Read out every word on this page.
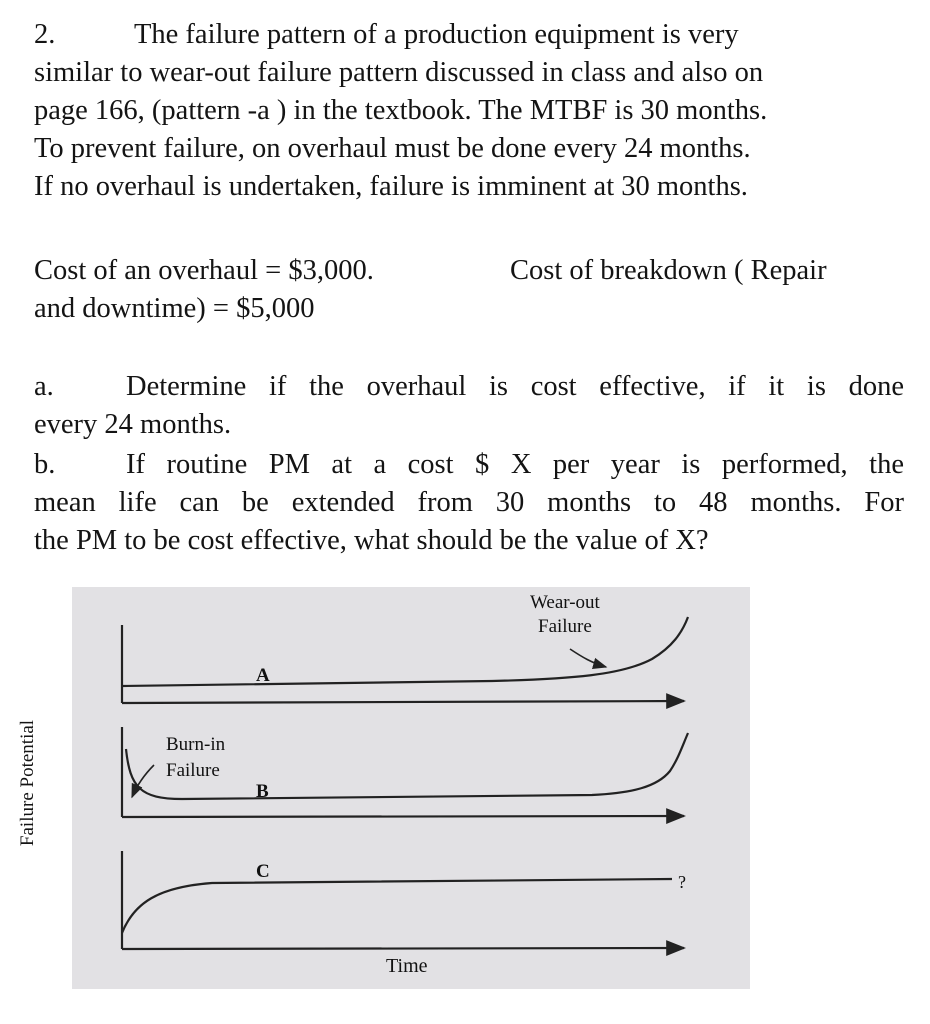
2.	The failure pattern of a production equipment is very
similar to wear-out failure pattern discussed in class and also on
page 166, (pattern -a ) in the textbook. The MTBF is 30 months.
To prevent failure, on overhaul must be done every 24 months.
If no overhaul is undertaken, failure is imminent at 30 months.
Cost of an overhaul = $3,000.	Cost of breakdown ( Repair
and downtime) = $5,000
a.	Determine if the overhaul is cost effective, if it is done
every 24 months.
b.	If routine PM at a cost $ X per year is performed, the
mean life can be extended from 30 months to 48 months. For
the PM to be cost effective, what should be the value of X?
Wear-out
Failure
A
Burn-in
Failure
B
C	?
Time
Failure Potential
